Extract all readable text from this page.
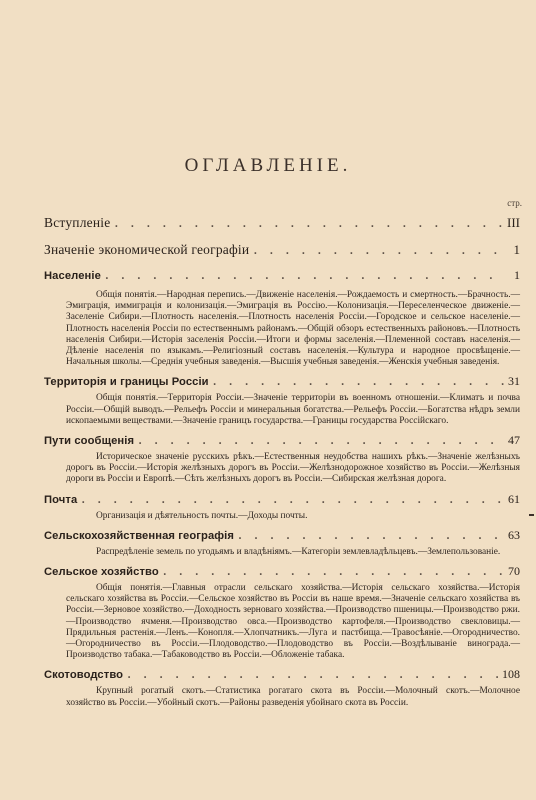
ОГЛАВЛЕНІЕ.
стр.
Вступленіе . . .	III
Значеніе экономической географіи . . .	1
Населеніе . . .	1
Общія понятія.—Народная перепись.—Движеніе населенія.—Рождаемость и смертность.—Брачность.—Эмиграція, иммиграція и колонизація.—Эмиграція въ Россію.—Колонизація.—Переселенческое движеніе.—Заселеніе Сибири.—Плотность населенія.—Плотность населенія Россіи.—Городское и сельское населеніе.—Плотность населенія Россіи по естественнымъ районамъ.—Общій обзоръ естественныхъ районовъ.—Плотность населенія Сибири.—Исторія заселенія Россіи.—Итоги и формы заселенія.—Племенной составъ населенія.—Дѣленіе населенія по языкамъ.—Религіозный составъ населенія.—Культура и народное просвѣщеніе.—Начальныя школы.—Среднія учебныя заведенія.—Высшія учебныя заведенія.—Женскія учебныя заведенія.
Территорія и границы Россіи . . .	31
Общія понятія.—Территорія Россіи.—Значеніе территоріи въ военномъ отношеніи.—Климатъ и почва Россіи.—Общій выводъ.—Рельефъ Россіи и минеральныя богатства.—Рельефъ Россіи.—Богатства нѣдръ земли ископаемыми веществами.—Значеніе границъ государства.—Границы государства Россійскаго.
Пути сообщенія . . .	47
Историческое значеніе русскихъ рѣкъ.—Естественныя неудобства нашихъ рѣкъ.—Значеніе желѣзныхъ дорогъ въ Россіи.—Исторія желѣзныхъ дорогъ въ Россіи.—Желѣзнодорожное хозяйство въ Россіи.—Желѣзныя дороги въ Россіи и Европѣ.—Сѣть желѣзныхъ дорогъ въ Россіи.—Сибирская желѣзная дорога.
Почта . . .	61
Организація и дѣятельность почты.—Доходы почты.
Сельскохозяйственная географія . . .	63
Распредѣленіе земель по угодьямъ и владѣніямъ.—Категоріи землевладѣльцевъ.—Землепользованіе.
Сельское хозяйство . . .	70
Общія понятія.—Главныя отрасли сельскаго хозяйства.—Исторія сельскаго хозяйства.—Исторія сельскаго хозяйства въ Россіи.—Сельское хозяйство въ Россіи въ наше время.—Значеніе сельскаго хозяйства въ Россіи.—Зерновое хозяйство.—Доходность зерноваго хозяйства.—Производство пшеницы.—Производство ржи.—Производство ячменя.—Производство овса.—Производство картофеля.—Производство свекловицы.—Прядильныя растенія.—Ленъ.—Конопля.—Хлопчатникъ.—Луга и пастбища.—Травосѣяніе.—Огородничество.—Огородничество въ Россіи.—Плодоводство.—Плодоводство въ Россіи.—Воздѣлываніе винограда.—Производство табака.—Табаководство въ Россіи.—Обложеніе табака.
Скотоводство . . .	108
Крупный рогатый скотъ.—Статистика рогатаго скота въ Россіи.—Молочный скотъ.—Молочное хозяйство въ Россіи.—Убойный скотъ.—Районы разведенія убойнаго скота въ Россіи.
